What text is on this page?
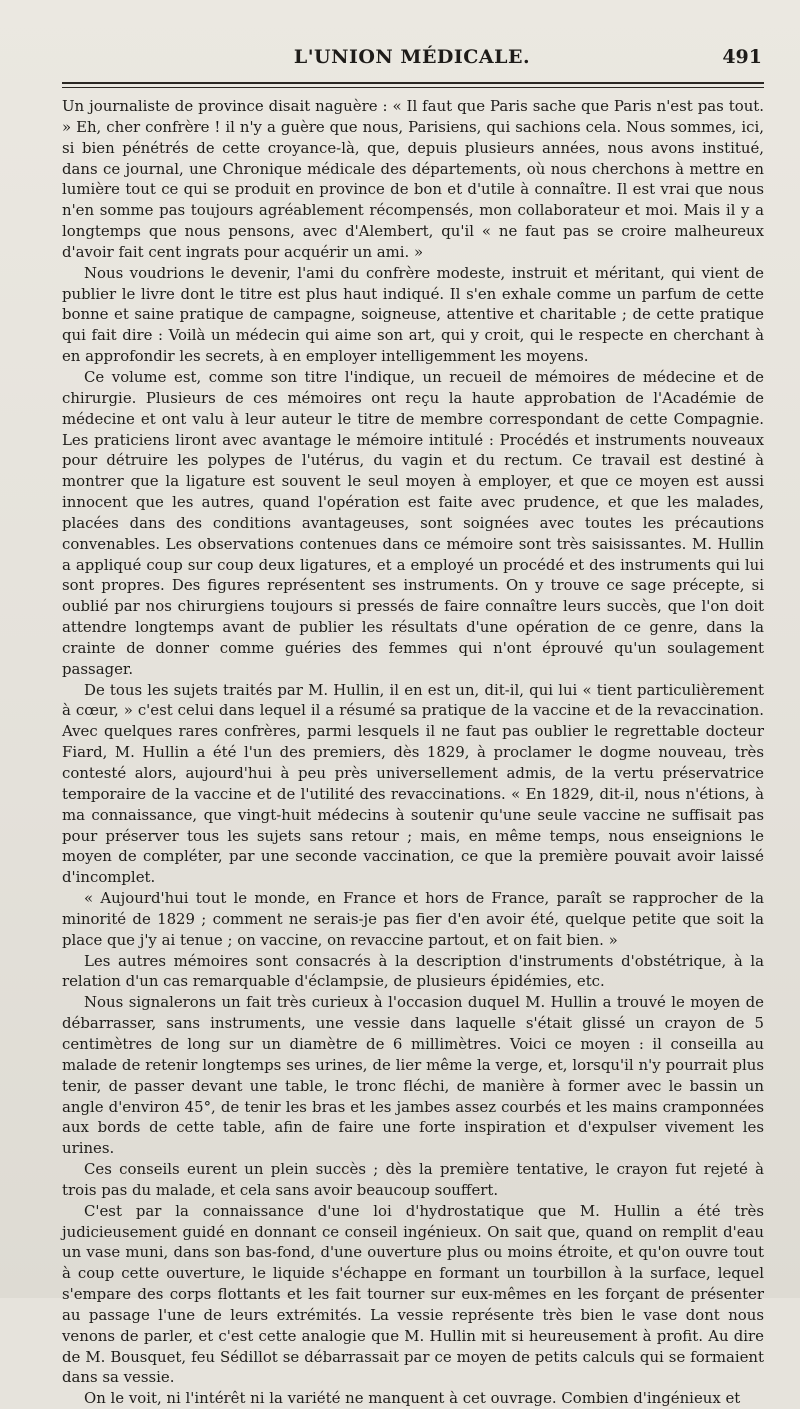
L'UNION MÉDICALE.	491

Un journaliste de province disait naguère : « Il faut que Paris sache que Paris n'est pas tout. » Eh, cher confrère ! il n'y a guère que nous, Parisiens, qui sachions cela. Nous sommes, ici, si bien pénétrés de cette croyance-là, que, depuis plusieurs années, nous avons institué, dans ce journal, une Chronique médicale des départements, où nous cherchons à mettre en lumière tout ce qui se produit en province de bon et d'utile à connaître. Il est vrai que nous n'en somme pas toujours agréablement récompensés, mon collaborateur et moi. Mais il y a longtemps que nous pensons, avec d'Alembert, qu'il « ne faut pas se croire malheureux d'avoir fait cent ingrats pour acquérir un ami. »

Nous voudrions le devenir, l'ami du confrère modeste, instruit et méritant, qui vient de publier le livre dont le titre est plus haut indiqué. Il s'en exhale comme un parfum de cette bonne et saine pratique de campagne, soigneuse, attentive et charitable ; de cette pratique qui fait dire : Voilà un médecin qui aime son art, qui y croit, qui le respecte en cherchant à en approfondir les secrets, à en employer intelligemment les moyens.

Ce volume est, comme son titre l'indique, un recueil de mémoires de médecine et de chirurgie. Plusieurs de ces mémoires ont reçu la haute approbation de l'Académie de médecine et ont valu à leur auteur le titre de membre correspondant de cette Compagnie. Les praticiens liront avec avantage le mémoire intitulé : Procédés et instruments nouveaux pour détruire les polypes de l'utérus, du vagin et du rectum. Ce travail est destiné à montrer que la ligature est souvent le seul moyen à employer, et que ce moyen est aussi innocent que les autres, quand l'opération est faite avec prudence, et que les malades, placées dans des conditions avantageuses, sont soignées avec toutes les précautions convenables. Les observations contenues dans ce mémoire sont très saisissantes. M. Hullin a appliqué coup sur coup deux ligatures, et a employé un procédé et des instruments qui lui sont propres. Des figures représentent ses instruments. On y trouve ce sage précepte, si oublié par nos chirurgiens toujours si pressés de faire connaître leurs succès, que l'on doit attendre longtemps avant de publier les résultats d'une opération de ce genre, dans la crainte de donner comme guéries des femmes qui n'ont éprouvé qu'un soulagement passager.

De tous les sujets traités par M. Hullin, il en est un, dit-il, qui lui « tient particulièrement à cœur, » c'est celui dans lequel il a résumé sa pratique de la vaccine et de la revaccination. Avec quelques rares confrères, parmi lesquels il ne faut pas oublier le regrettable docteur Fiard, M. Hullin a été l'un des premiers, dès 1829, à proclamer le dogme nouveau, très contesté alors, aujourd'hui à peu près universellement admis, de la vertu préservatrice temporaire de la vaccine et de l'utilité des revaccinations. « En 1829, dit-il, nous n'étions, à ma connaissance, que vingt-huit médecins à soutenir qu'une seule vaccine ne suffisait pas pour préserver tous les sujets sans retour ; mais, en même temps, nous enseignions le moyen de compléter, par une seconde vaccination, ce que la première pouvait avoir laissé d'incomplet.

« Aujourd'hui tout le monde, en France et hors de France, paraît se rapprocher de la minorité de 1829 ; comment ne serais-je pas fier d'en avoir été, quelque petite que soit la place que j'y ai tenue ; on vaccine, on revaccine partout, et on fait bien. »

Les autres mémoires sont consacrés à la description d'instruments d'obstétrique, à la relation d'un cas remarquable d'éclampsie, de plusieurs épidémies, etc.

Nous signalerons un fait très curieux à l'occasion duquel M. Hullin a trouvé le moyen de débarrasser, sans instruments, une vessie dans laquelle s'était glissé un crayon de 5 centimètres de long sur un diamètre de 6 millimètres. Voici ce moyen : il conseilla au malade de retenir longtemps ses urines, de lier même la verge, et, lorsqu'il n'y pourrait plus tenir, de passer devant une table, le tronc fléchi, de manière à former avec le bassin un angle d'environ 45°, de tenir les bras et les jambes assez courbés et les mains cramponnées aux bords de cette table, afin de faire une forte inspiration et d'expulser vivement les urines.

Ces conseils eurent un plein succès ; dès la première tentative, le crayon fut rejeté à trois pas du malade, et cela sans avoir beaucoup souffert.

C'est par la connaissance d'une loi d'hydrostatique que M. Hullin a été très judicieusement guidé en donnant ce conseil ingénieux. On sait que, quand on remplit d'eau un vase muni, dans son bas-fond, d'une ouverture plus ou moins étroite, et qu'on ouvre tout à coup cette ouverture, le liquide s'échappe en formant un tourbillon à la surface, lequel s'empare des corps flottants et les fait tourner sur eux-mêmes en les forçant de présenter au passage l'une de leurs extrémités. La vessie représente très bien le vase dont nous venons de parler, et c'est cette analogie que M. Hullin mit si heureusement à profit. Au dire de M. Bousquet, feu Sédillot se débarrassait par ce moyen de petits calculs qui se formaient dans sa vessie.

On le voit, ni l'intérêt ni la variété ne manquent à cet ouvrage. Combien d'ingénieux et
